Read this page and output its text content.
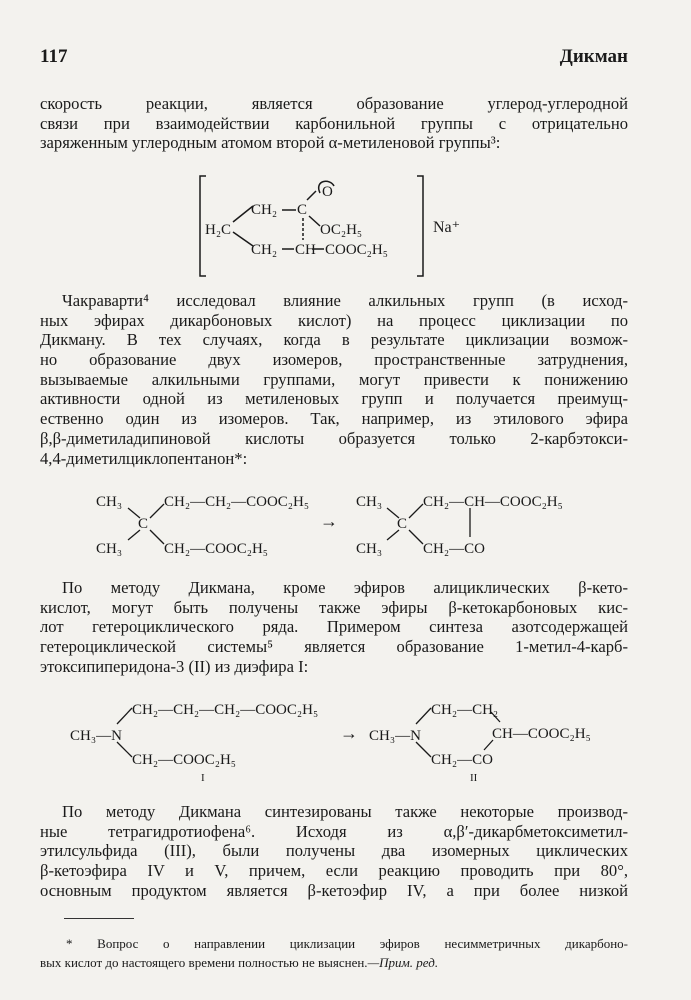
117	Дикман
скорость реакции, является образование углерод-углеродной
связи при взаимодействии карбонильной группы с отрицательно
заряженным углеродным атомом второй α-метиленовой группы³:
H₂C
CH₂ C
O
OC₂H₅
CH₂ CH COOC₂H₅
Na⁺
Чакраварти⁴ исследовал влияние алкильных групп (в исход-
ных эфирах дикарбоновых кислот) на процесс циклизации по
Дикману. В тех случаях, когда в результате циклизации возмож-
но образование двух изомеров, пространственные затруднения,
вызываемые алкильными группами, могут привести к понижению
активности одной из метиленовых групп и получается преимущ-
ественно один из изомеров. Так, например, из этилового эфира
β,β-диметиладипиновой кислоты образуется только 2-карбэтокси-
4,4-диметилциклопентанон*:
CH₃	CH₂—CH₂—COOC₂H₅
C
CH₃	CH₂—COOC₂H₅
→
CH₃	CH₂—CH—COOC₂H₅
C
CH₃	CH₂—CO
По методу Дикмана, кроме эфиров алициклических β-кето-
кислот, могут быть получены также эфиры β-кетокарбоновых кис-
лот гетероциклического ряда. Примером синтеза азотсодержащей
гетероциклической системы⁵ является образование 1-метил-4-карб-
этоксипиперидона-3 (II) из диэфира I:
CH₃—N
CH₂—CH₂—CH₂—COOC₂H₅
CH₂—COOC₂H₅
I
→ CH₃—N
CH₂—CH₂
CH—COOC₂H₅
CH₂—CO
II
По методу Дикмана синтезированы также некоторые производ-
ные тетрагидротиофена⁶. Исходя из α,β′-дикарбметоксиметил-
этилсульфида (III), были получены два изомерных циклических
β-кетоэфира IV и V, причем, если реакцию проводить при 80°,
основным продуктом является β-кетоэфир IV, а при более низкой
* Вопрос о направлении циклизации эфиров несимметричных дикарбоно-
вых кислот до настоящего времени полностью не выяснен.—Прим. ред.
